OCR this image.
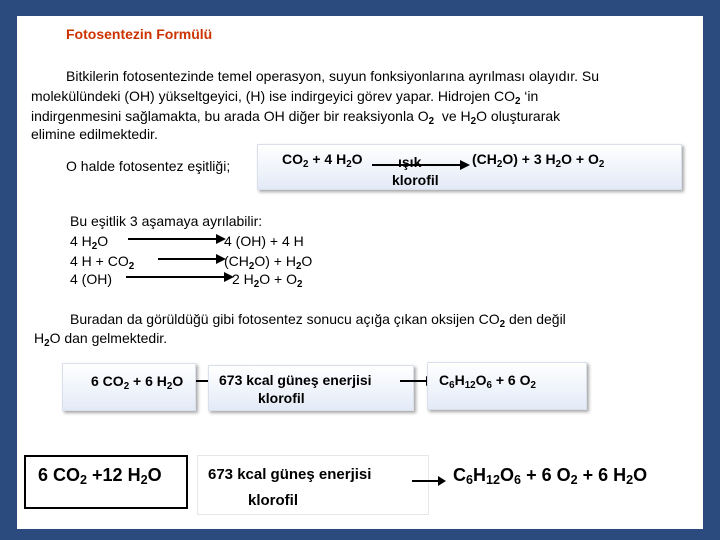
Fotosentezin Formülü
Bitkilerin fotosentezinde temel operasyon, suyun fonksiyonlarına ayrılması olayıdır. Su
molekülündeki (OH) yükseltgeyici, (H) ise indirgeyici görev yapar. Hidrojen $CO_2$ ‘in
indirgenmesini sağlamakta, bu arada OH diğer bir reaksiyonla $O_2$  ve $H_2O$ oluşturarak
elimine edilmektedir.
O halde fotosentez eşitliği;	$CO_2 + 4$ $H_2O$	ışık
klorofil
$(CH_2O) + 3$ $H_2O + O_2$
Bu eşitlik 3 aşamaya ayrılabilir:
4 $H_2O$	4 (OH) + 4 H
4 $H + CO_2$	$(CH_2O) + H_2O$
4 (OH)	2 $H_2O + O_2$
Buradan da görüldüğü gibi fotosentez sonucu açığa çıkan oksijen $CO_2$ den değil
$H_2O$ dan gelmektedir.
6 $CO_2 + 6$ $H_2O$	673 kcal güneş enerjisi
klorofil
$C_6H_{12}O_6 + 6$ $O_2$
6 $CO_2 +12$ $H_2O$	673 kcal güneş enerjisi
klorofil
$C_6H_{12}O_6 + 6$ $O_2 + 6$ $H_2O$
